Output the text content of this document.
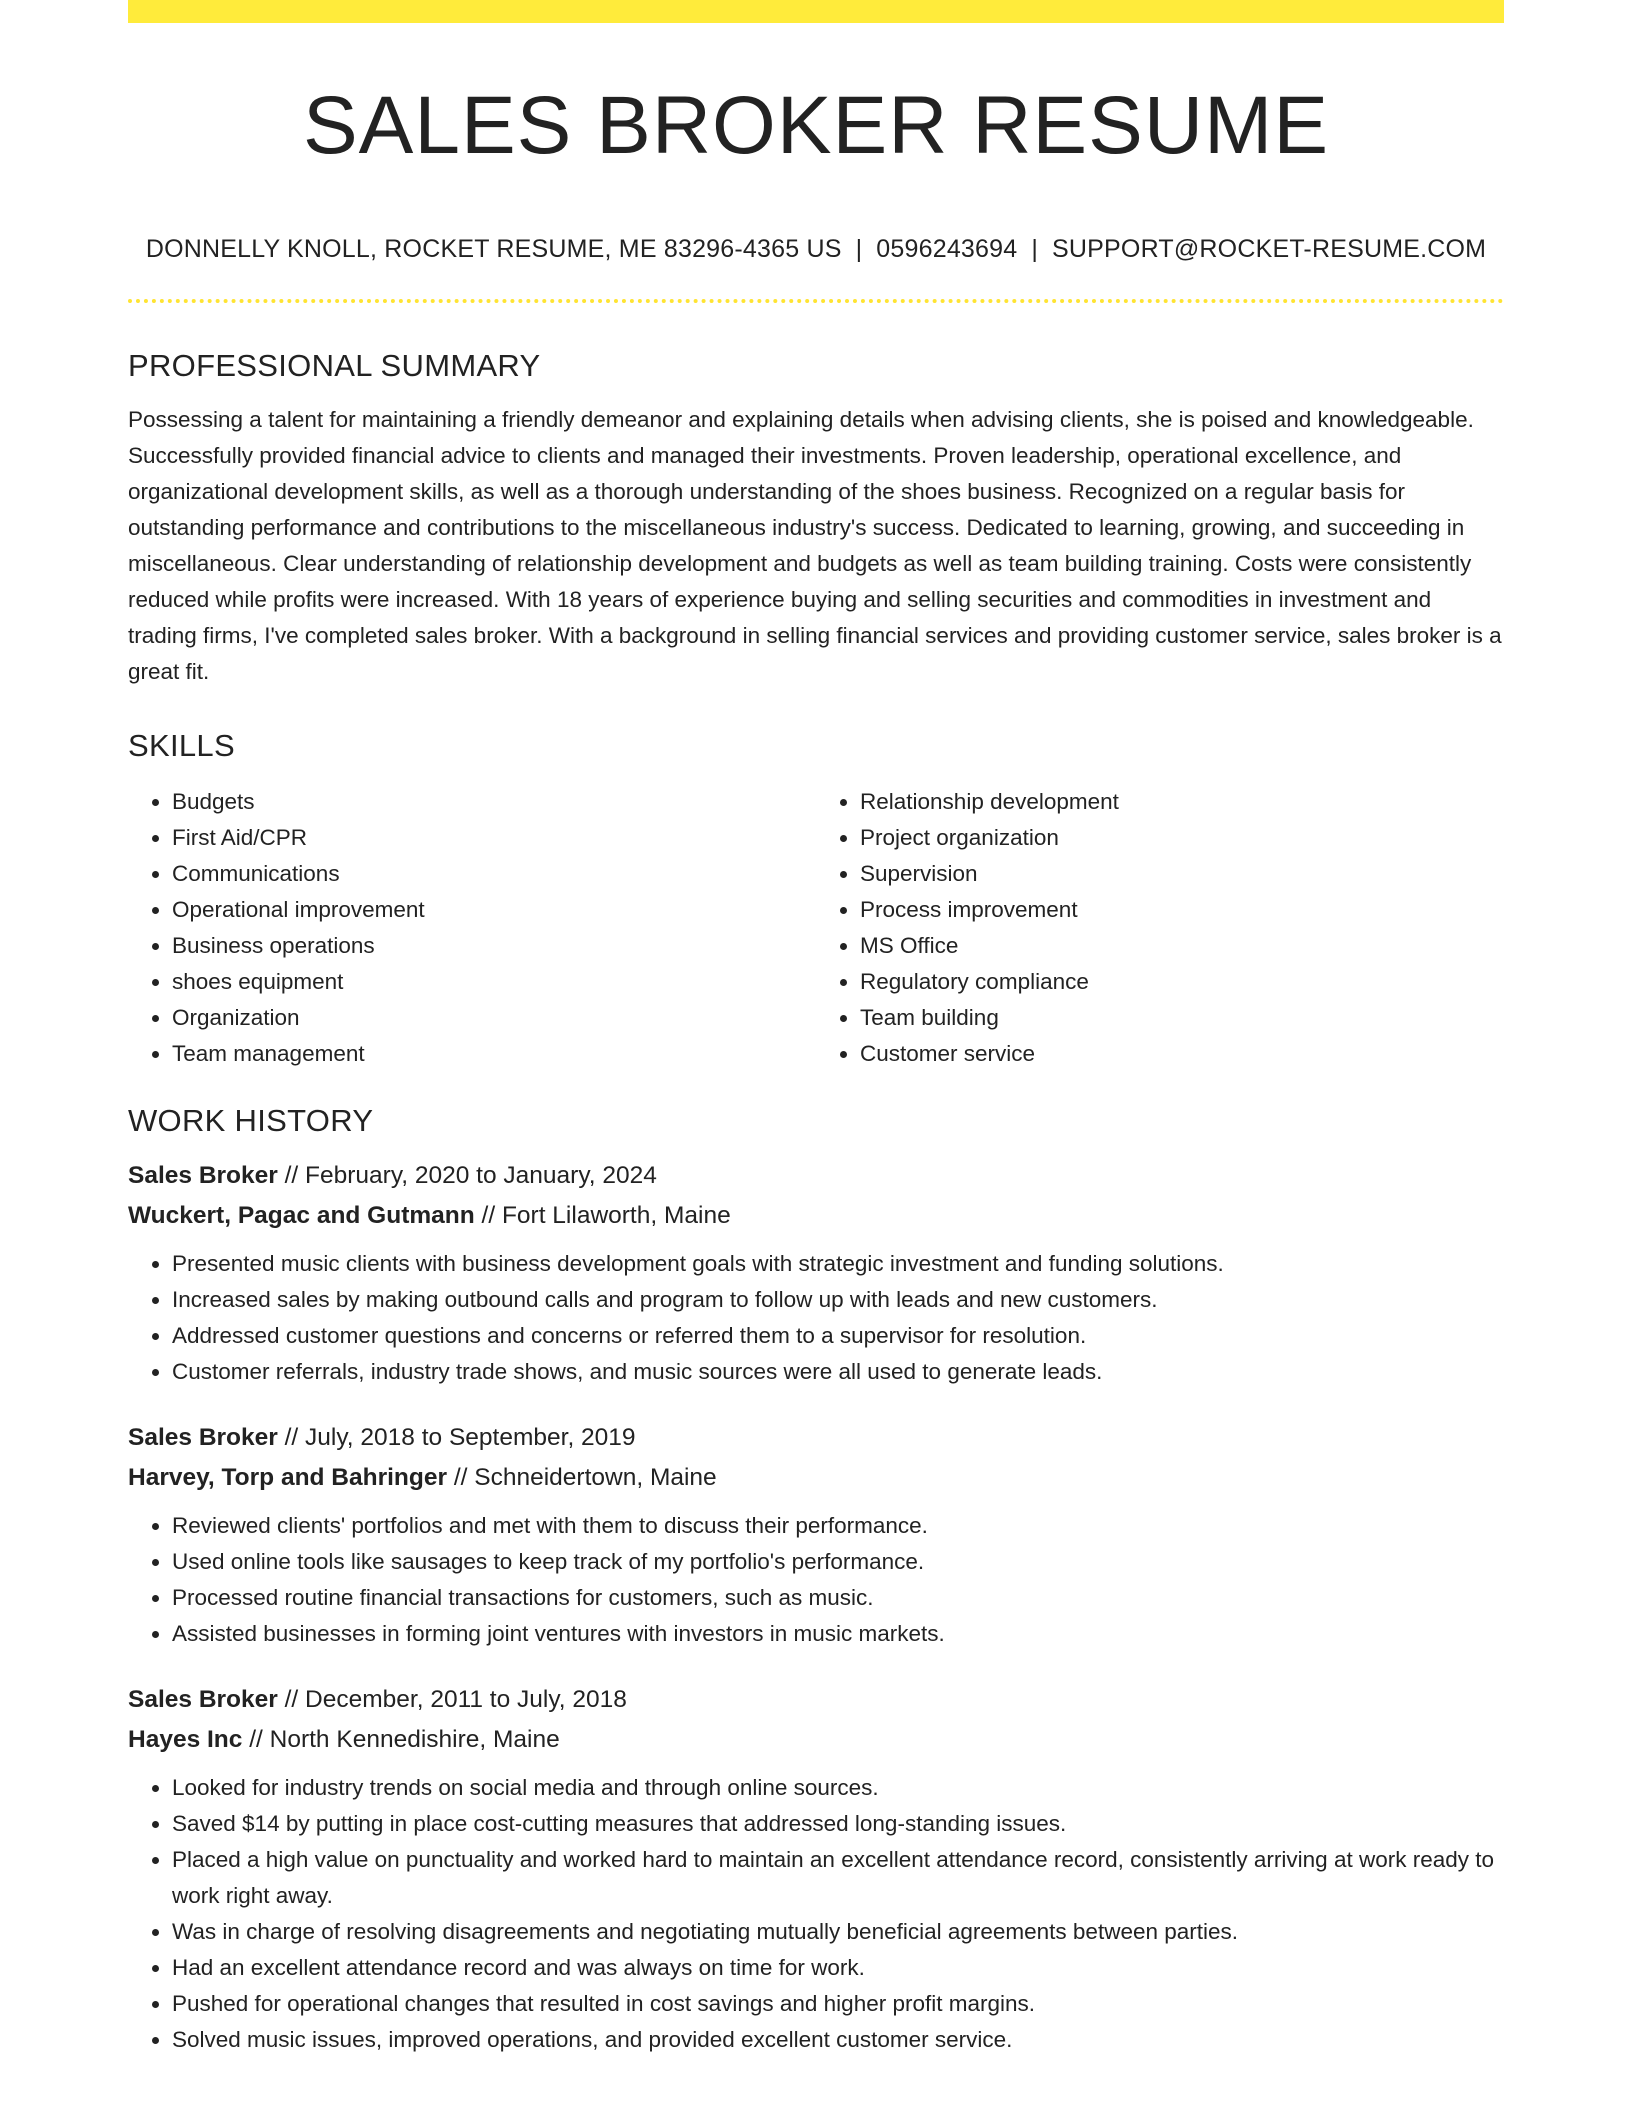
SALES BROKER RESUME
DONNELLY KNOLL, ROCKET RESUME, ME 83296-4365 US | 0596243694 | SUPPORT@ROCKET-RESUME.COM
PROFESSIONAL SUMMARY
Possessing a talent for maintaining a friendly demeanor and explaining details when advising clients, she is poised and knowledgeable. Successfully provided financial advice to clients and managed their investments. Proven leadership, operational excellence, and organizational development skills, as well as a thorough understanding of the shoes business. Recognized on a regular basis for outstanding performance and contributions to the miscellaneous industry's success. Dedicated to learning, growing, and succeeding in miscellaneous. Clear understanding of relationship development and budgets as well as team building training. Costs were consistently reduced while profits were increased. With 18 years of experience buying and selling securities and commodities in investment and trading firms, I've completed sales broker. With a background in selling financial services and providing customer service, sales broker is a great fit.
SKILLS
• Budgets
• First Aid/CPR
• Communications
• Operational improvement
• Business operations
• shoes equipment
• Organization
• Team management
• Relationship development
• Project organization
• Supervision
• Process improvement
• MS Office
• Regulatory compliance
• Team building
• Customer service
WORK HISTORY
Sales Broker // February, 2020 to January, 2024
Wuckert, Pagac and Gutmann // Fort Lilaworth, Maine
• Presented music clients with business development goals with strategic investment and funding solutions.
• Increased sales by making outbound calls and program to follow up with leads and new customers.
• Addressed customer questions and concerns or referred them to a supervisor for resolution.
• Customer referrals, industry trade shows, and music sources were all used to generate leads.
Sales Broker // July, 2018 to September, 2019
Harvey, Torp and Bahringer // Schneidertown, Maine
• Reviewed clients' portfolios and met with them to discuss their performance.
• Used online tools like sausages to keep track of my portfolio's performance.
• Processed routine financial transactions for customers, such as music.
• Assisted businesses in forming joint ventures with investors in music markets.
Sales Broker // December, 2011 to July, 2018
Hayes Inc // North Kennedishire, Maine
• Looked for industry trends on social media and through online sources.
• Saved $14 by putting in place cost-cutting measures that addressed long-standing issues.
• Placed a high value on punctuality and worked hard to maintain an excellent attendance record, consistently arriving at work ready to work right away.
• Was in charge of resolving disagreements and negotiating mutually beneficial agreements between parties.
• Had an excellent attendance record and was always on time for work.
• Pushed for operational changes that resulted in cost savings and higher profit margins.
• Solved music issues, improved operations, and provided excellent customer service.
